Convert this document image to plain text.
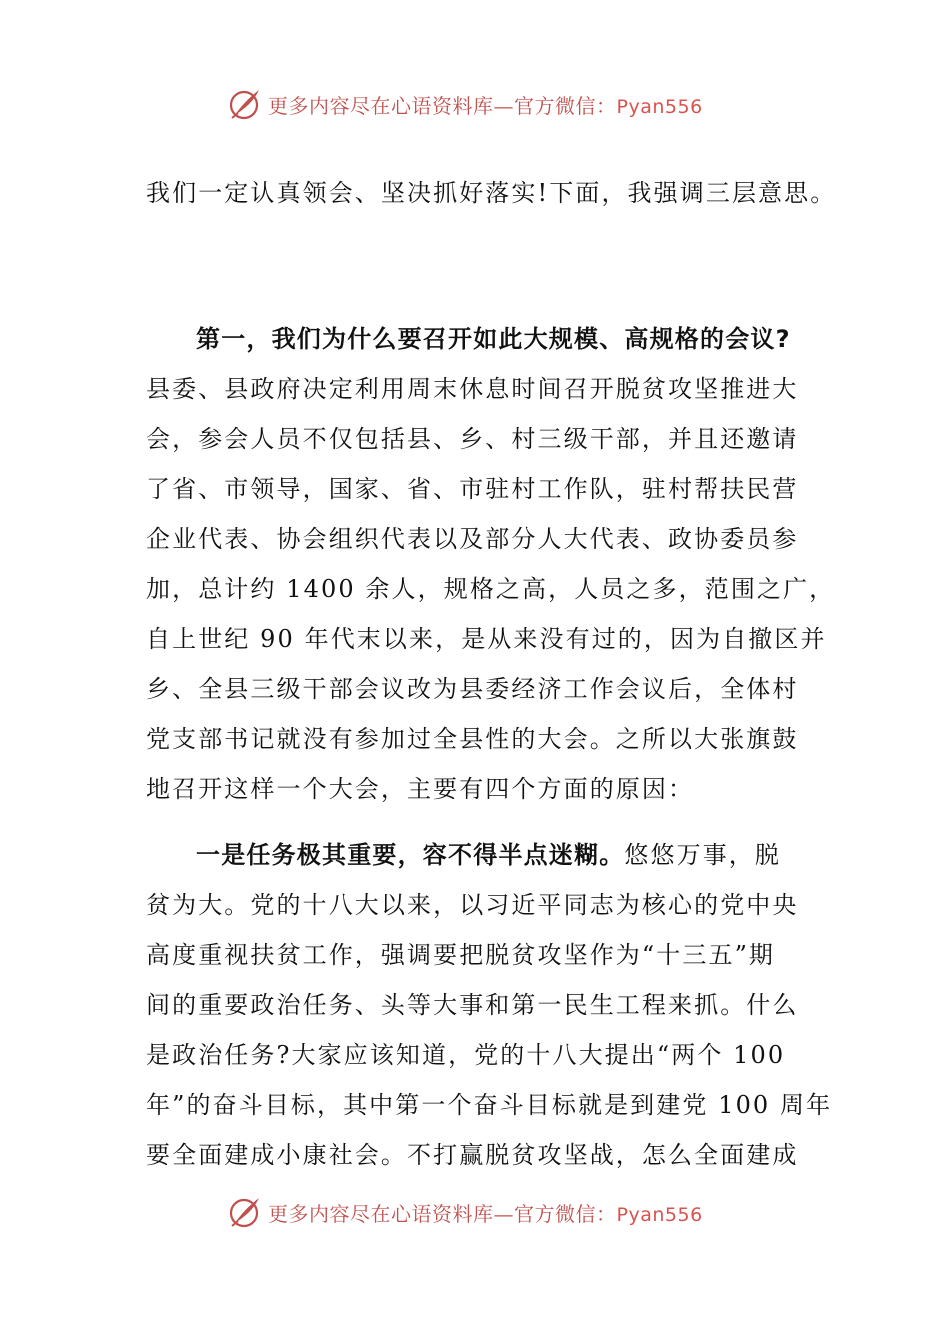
更多内容尽在心语资料库—官方微信：Pyan556
我们一定认真领会、坚决抓好落实!下面，我强调三层意思。
第一，我们为什么要召开如此大规模、高规格的会议?
县委、县政府决定利用周末休息时间召开脱贫攻坚推进大
会，参会人员不仅包括县、乡、村三级干部，并且还邀请
了省、市领导，国家、省、市驻村工作队，驻村帮扶民营
企业代表、协会组织代表以及部分人大代表、政协委员参
加，总计约 1400 余人，规格之高，人员之多，范围之广，
自上世纪 90 年代末以来，是从来没有过的，因为自撤区并
乡、全县三级干部会议改为县委经济工作会议后，全体村
党支部书记就没有参加过全县性的大会。之所以大张旗鼓
地召开这样一个大会，主要有四个方面的原因：
一是任务极其重要，容不得半点迷糊。悠悠万事，脱
贫为大。党的十八大以来，以习近平同志为核心的党中央
高度重视扶贫工作，强调要把脱贫攻坚作为“十三五”期
间的重要政治任务、头等大事和第一民生工程来抓。什么
是政治任务?大家应该知道，党的十八大提出“两个 100
年”的奋斗目标，其中第一个奋斗目标就是到建党 100 周年
要全面建成小康社会。不打赢脱贫攻坚战，怎么全面建成
更多内容尽在心语资料库—官方微信：Pyan556
